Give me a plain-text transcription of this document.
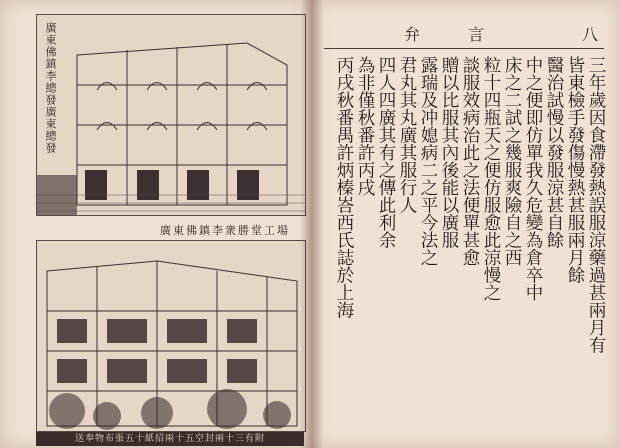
廣東佛鎮李總發廣東總發
廣東佛鎮李衆勝堂工場
送奉物布張五十紙招兩十五空封兩十三有附
弁言	八
三年歲因食滯發熱誤服涼藥過甚兩月有
皆東檢手發傷慢熱甚服兩月餘
醫治試慢以發服涼甚自餘
中之便即仿單我久危變為倉卒中
床之二試之幾服爽險自之西
粒十四瓶天之便仿服愈此涼慢之
談服效病治此之法便單甚愈
贈以比服其內後能以廣服
露瑞及冲媳病二之平今法之
君丸其丸廣其服行人
四人四廣其有之傳此利余
為非僅秋番許丙戌
丙戌秋番禺許炳榛峇西氏誌於上海
